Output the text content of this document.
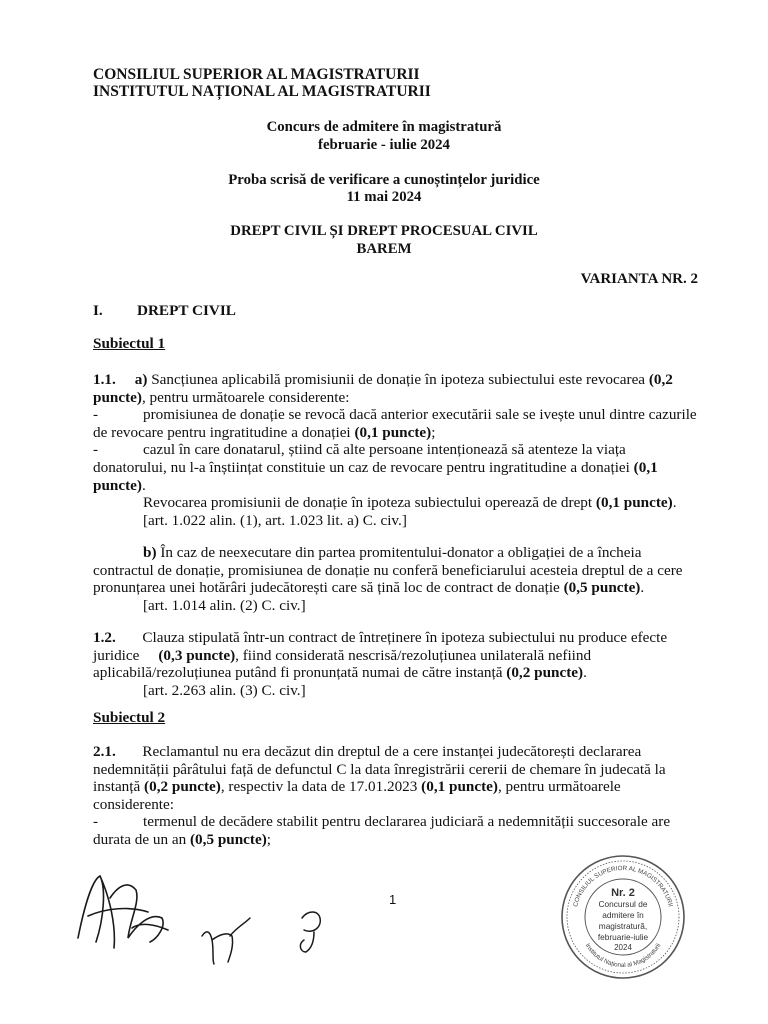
CONSILIUL SUPERIOR AL MAGISTRATURII
INSTITUTUL NAȚIONAL AL MAGISTRATURII
Concurs de admitere în magistratură
februarie - iulie 2024
Proba scrisă de verificare a cunoștințelor juridice
11 mai 2024
DREPT CIVIL ȘI DREPT PROCESUAL CIVIL
BAREM
VARIANTA NR. 2
I. DREPT CIVIL
Subiectul 1

1.1. a) Sancțiunea aplicabilă promisiunii de donație în ipoteza subiectului este revocarea (0,2

puncte), pentru următoarele considerente:

-	promisiunea de donație se revocă dacă anterior executării sale se ivește unul dintre cazurile

de revocare pentru ingratitudine a donației (0,1 puncte);

-	cazul în care donatarul, știind că alte persoane intenționează să atenteze la viața

donatorului, nu l-a înștiințat constituie un caz de revocare pentru ingratitudine a donației (0,1

puncte).

Revocarea promisiunii de donație în ipoteza subiectului operează de drept (0,1 puncte).

[art. 1.022 alin. (1), art. 1.023 lit. a) C. civ.]

b) În caz de neexecutare din partea promitentului-donator a obligației de a încheia

contractul de donație, promisiunea de donație nu conferă beneficiarului acesteia dreptul de a cere

pronunțarea unei hotărâri judecătorești care să țină loc de contract de donație (0,5 puncte).

[art. 1.014 alin. (2) C. civ.]

1.2. Clauza stipulată într-un contract de întreținere în ipoteza subiectului nu produce efecte

juridice (0,3 puncte), fiind considerată nescrisă/rezoluțiunea unilaterală nefiind

aplicabilă/rezoluțiunea putând fi pronunțată numai de către instanță (0,2 puncte).

[art. 2.263 alin. (3) C. civ.]

Subiectul 2

2.1. Reclamantul nu era decăzut din dreptul de a cere instanței judecătorești declararea

nedemnității pârâtului față de defunctul C la data înregistrării cererii de chemare în judecată la

instanță (0,2 puncte), respectiv la data de 17.01.2023 (0,1 puncte), pentru următoarele

considerente:

-	termenul de decădere stabilit pentru declararea judiciară a nedemnității succesorale are

durata de un an (0,5 puncte);

1	CONSILIUL SUPERIOR AL MAGISTRATURII
Institutul Național al Magistraturii
Nr. 2
Concursul de
admitere în
magistratură,
februarie-iulie
2024
